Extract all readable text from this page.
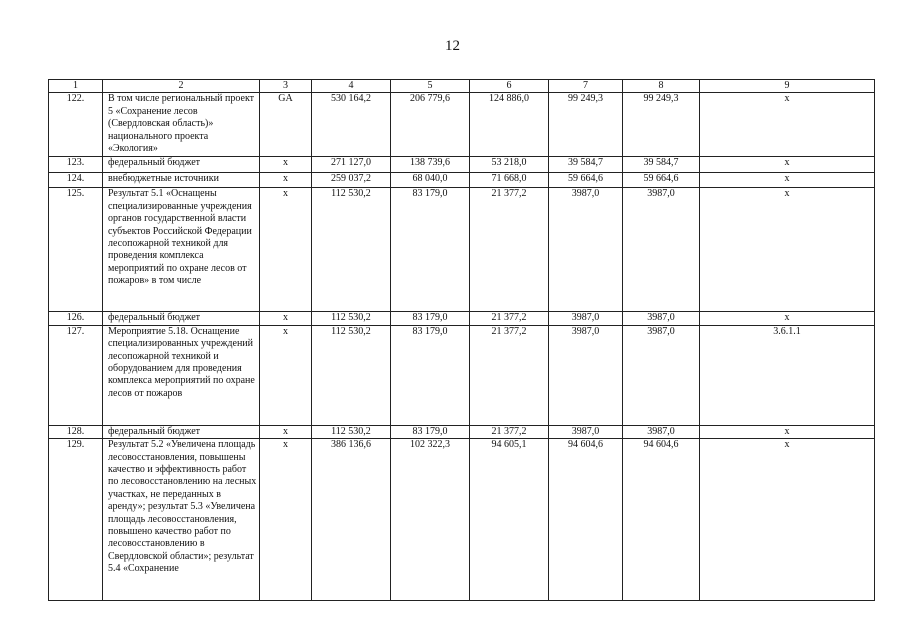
12
1	2	3	4	5	6	7	8	9
122.	В том числе региональный проект 5 «Сохранение лесов (Свердловская область)» национального проекта «Экология»	GA	530 164,2	206 779,6	124 886,0	99 249,3	99 249,3	х
123.	федеральный бюджет	х	271 127,0	138 739,6	53 218,0	39 584,7	39 584,7	х
124.	внебюджетные источники	х	259 037,2	68 040,0	71 668,0	59 664,6	59 664,6	х
125.	Результат 5.1 «Оснащены специализированные учреждения органов государственной власти субъектов Российской Федерации лесопожарной техникой для проведения комплекса мероприятий по охране лесов от пожаров» в том числе	х	112 530,2	83 179,0	21 377,2	3987,0	3987,0	х
126.	федеральный бюджет	х	112 530,2	83 179,0	21 377,2	3987,0	3987,0	х
127.	Мероприятие 5.18. Оснащение специализированных учреждений лесопожарной техникой и оборудованием для проведения комплекса мероприятий по охране лесов от пожаров	х	112 530,2	83 179,0	21 377,2	3987,0	3987,0	3.6.1.1
128.	федеральный бюджет	х	112 530,2	83 179,0	21 377,2	3987,0	3987,0	х
129.	Результат 5.2 «Увеличена площадь лесовосстановления, повышены качество и эффективность работ по лесовосстановлению на лесных участках, не переданных в аренду»; результат 5.3 «Увеличена площадь лесовосстановления, повышено качество работ по лесовосстановлению в Свердловской области»; результат 5.4 «Сохранение	х	386 136,6	102 322,3	94 605,1	94 604,6	94 604,6	х
